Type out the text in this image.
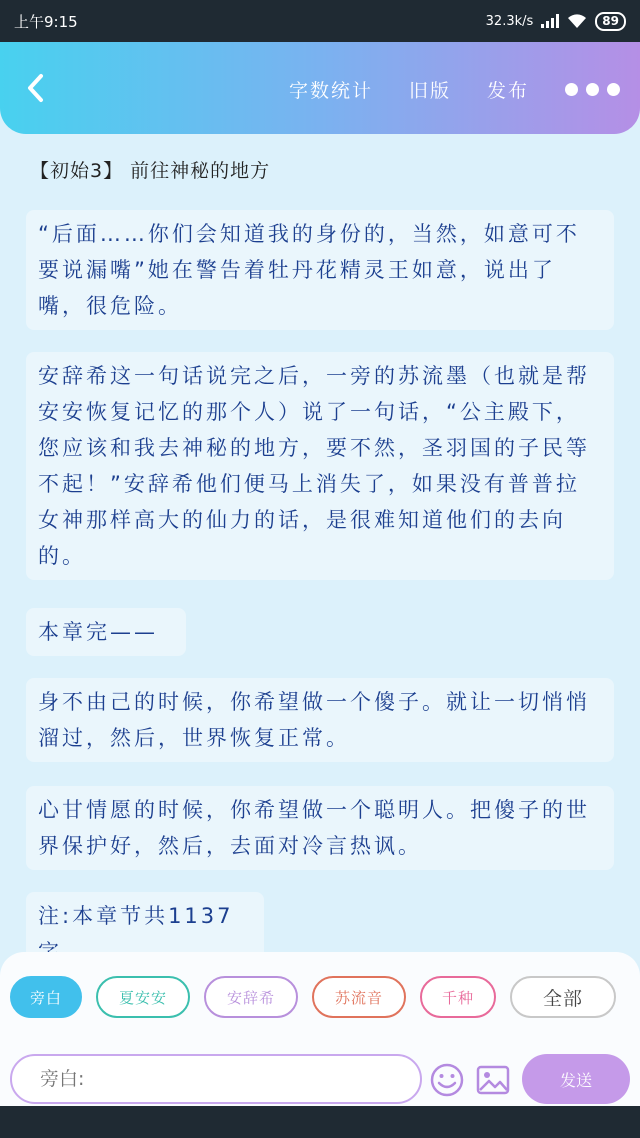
上午9:15	32.3k/s	89
字数统计 旧版 发布
【初始3】 前往神秘的地方
“后面……你们会知道我的身份的，当然，如意可不要说漏嘴”她在警告着牡丹花精灵王如意，说出了嘴，很危险。
安辞希这一句话说完之后，一旁的苏流墨（也就是帮安安恢复记忆的那个人）说了一句话，“公主殿下，您应该和我去神秘的地方，要不然，圣羽国的子民等不起！”安辞希他们便马上消失了，如果没有普普拉女神那样高大的仙力的话，是很难知道他们的去向的。
本章完——
身不由己的时候，你希望做一个傻子。就让一切悄悄溜过，然后，世界恢复正常。
心甘情愿的时候，你希望做一个聪明人。把傻子的世界保护好，然后，去面对冷言热讽。
注:本章节共1137
旁白	夏安安	安辞希	苏流音	千种	全部
旁白:
发送
